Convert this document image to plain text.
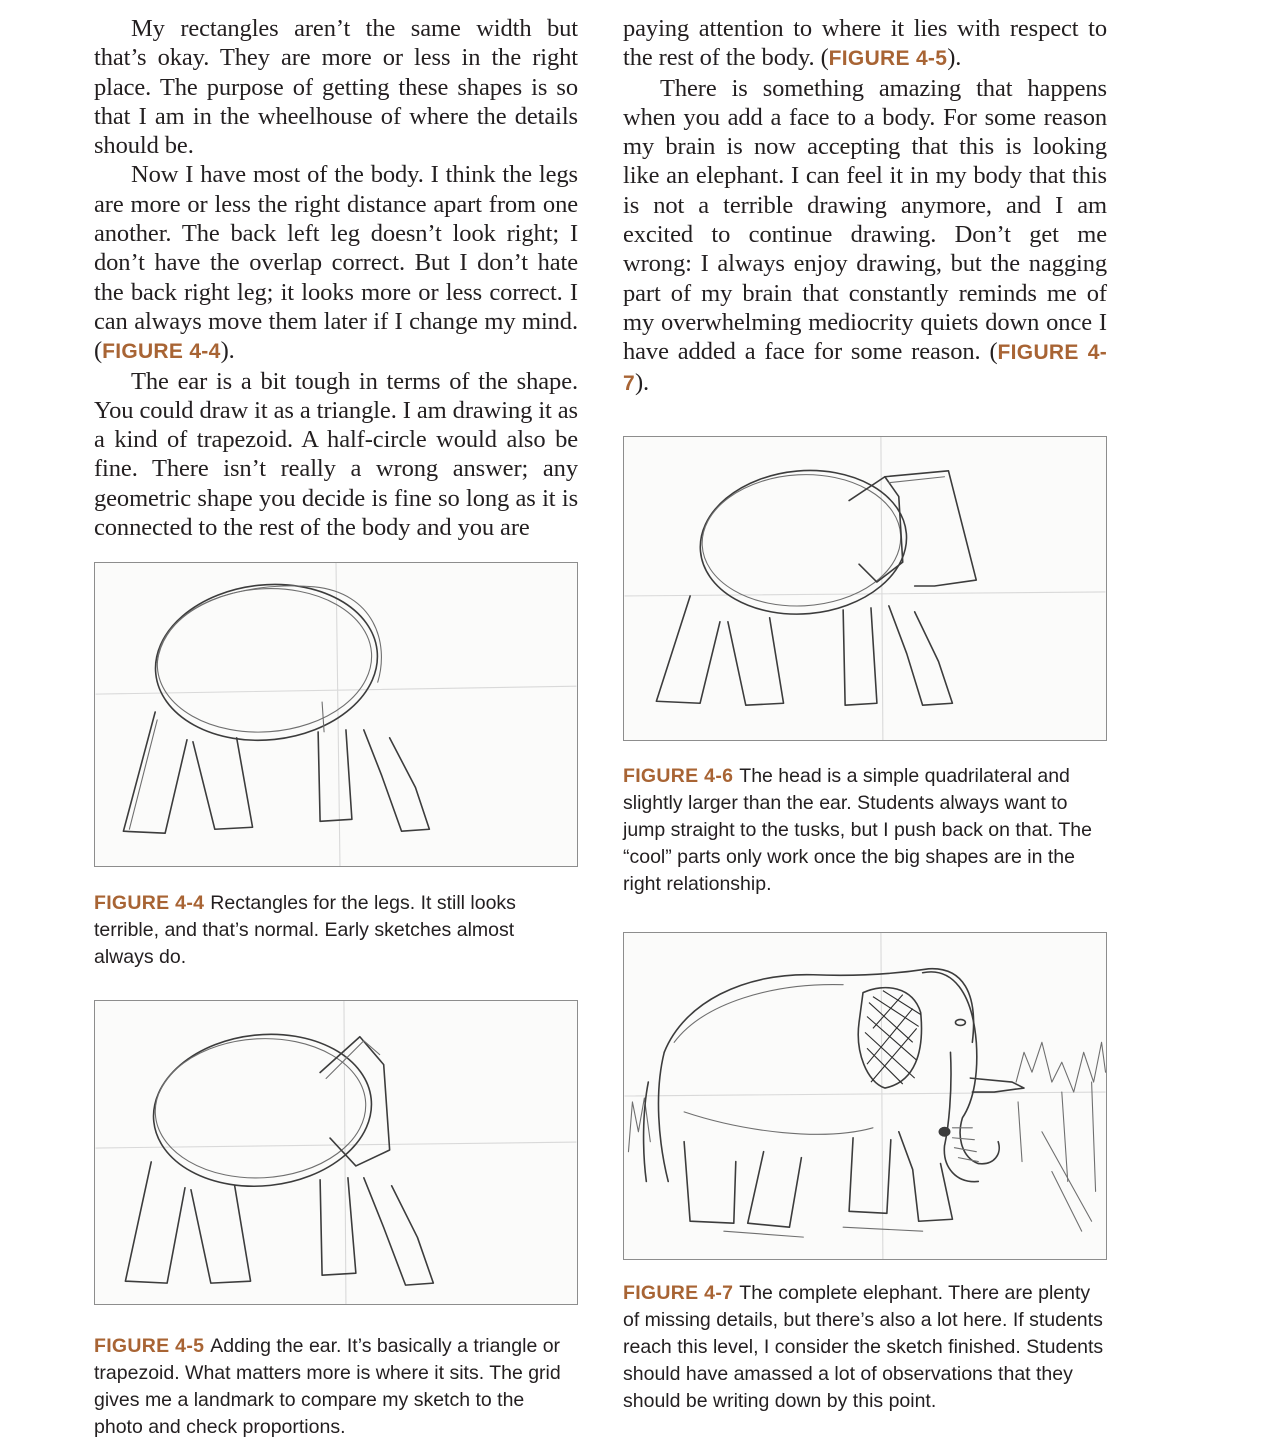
My rectangles aren’t the same width but that’s okay. They are more or less in the right place. The purpose of getting these shapes is so that I am in the wheelhouse of where the details should be.

Now I have most of the body. I think the legs are more or less the right distance apart from one another. The back left leg doesn’t look right; I don’t have the overlap correct. But I don’t hate the back right leg; it looks more or less correct. I can always move them later if I change my mind. (FIGURE 4-4).

The ear is a bit tough in terms of the shape. You could draw it as a triangle. I am drawing it as a kind of trapezoid. A half-circle would also be fine. There isn’t really a wrong answer; any geometric shape you decide is fine so long as it is connected to the rest of the body and you are

paying attention to where it lies with respect to the rest of the body. (FIGURE 4-5).

There is something amazing that happens when you add a face to a body. For some reason my brain is now accepting that this is looking like an elephant. I can feel it in my body that this is not a terrible drawing anymore, and I am excited to continue drawing. Don’t get me wrong: I always enjoy drawing, but the nagging part of my brain that constantly reminds me of my overwhelming mediocrity quiets down once I have added a face for some reason. (FIGURE 4-7).

FIGURE 4-4 Rectangles for the legs. It still looks terrible, and that’s normal. Early sketches almost always do.

FIGURE 4-5 Adding the ear. It’s basically a triangle or trapezoid. What matters more is where it sits. The grid gives me a landmark to compare my sketch to the photo and check proportions.

FIGURE 4-6 The head is a simple quadrilateral and slightly larger than the ear. Students always want to jump straight to the tusks, but I push back on that. The “cool” parts only work once the big shapes are in the right relationship.

FIGURE 4-7 The complete elephant. There are plenty of missing details, but there’s also a lot here. If students reach this level, I consider the sketch finished. Students should have amassed a lot of observations that they should be writing down by this point.
